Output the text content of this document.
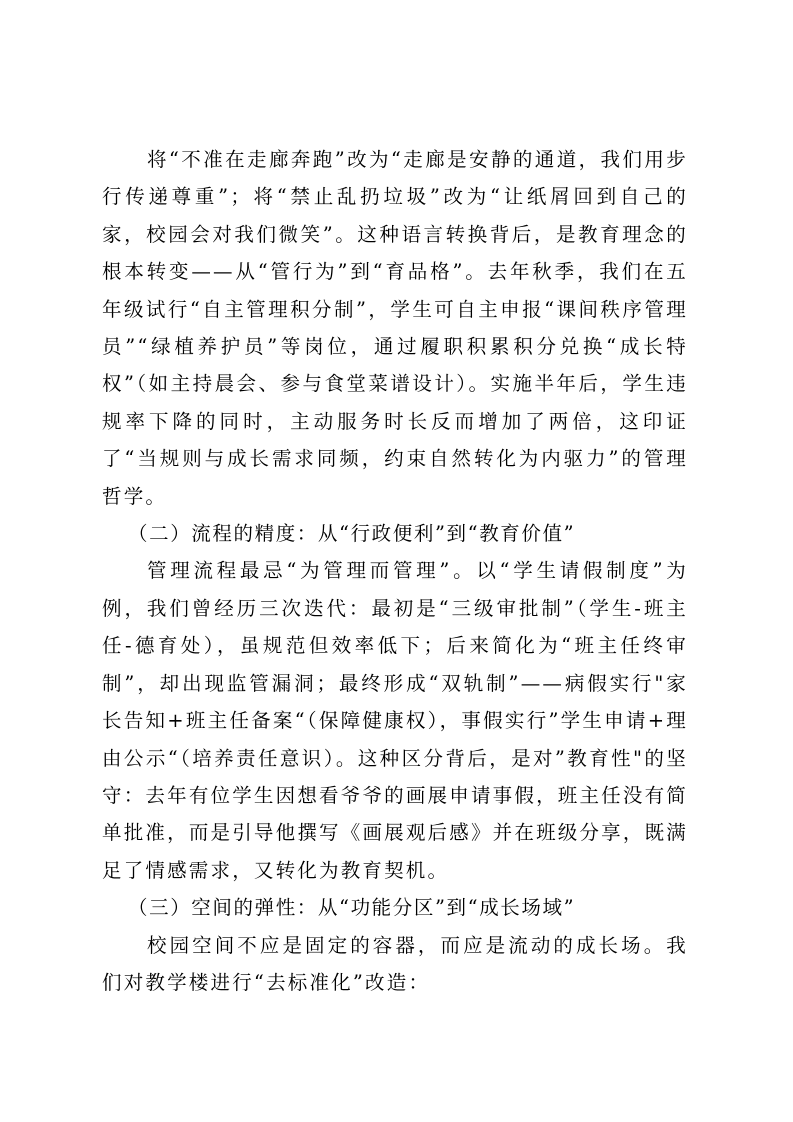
将“不准在走廊奔跑”改为“走廊是安静的通道，我们用步行传递尊重”；将“禁止乱扔垃圾”改为“让纸屑回到自己的家，校园会对我们微笑”。这种语言转换背后，是教育理念的根本转变——从“管行为”到“育品格”。去年秋季，我们在五年级试行“自主管理积分制”，学生可自主申报“课间秩序管理员”“绿植养护员”等岗位，通过履职积累积分兑换“成长特权”（如主持晨会、参与食堂菜谱设计）。实施半年后，学生违规率下降的同时，主动服务时长反而增加了两倍，这印证了“当规则与成长需求同频，约束自然转化为内驱力”的管理哲学。

（二）流程的精度：从“行政便利”到“教育价值”

管理流程最忌“为管理而管理”。以“学生请假制度”为例，我们曾经历三次迭代：最初是“三级审批制”（学生-班主任-德育处），虽规范但效率低下；后来简化为“班主任终审制”，却出现监管漏洞；最终形成“双轨制”——病假实行"家长告知+班主任备案“（保障健康权），事假实行”学生申请+理由公示“（培养责任意识）。这种区分背后，是对”教育性"的坚守：去年有位学生因想看爷爷的画展申请事假，班主任没有简单批准，而是引导他撰写《画展观后感》并在班级分享，既满足了情感需求，又转化为教育契机。

（三）空间的弹性：从“功能分区”到“成长场域”

校园空间不应是固定的容器，而应是流动的成长场。我们对教学楼进行“去标准化”改造：
